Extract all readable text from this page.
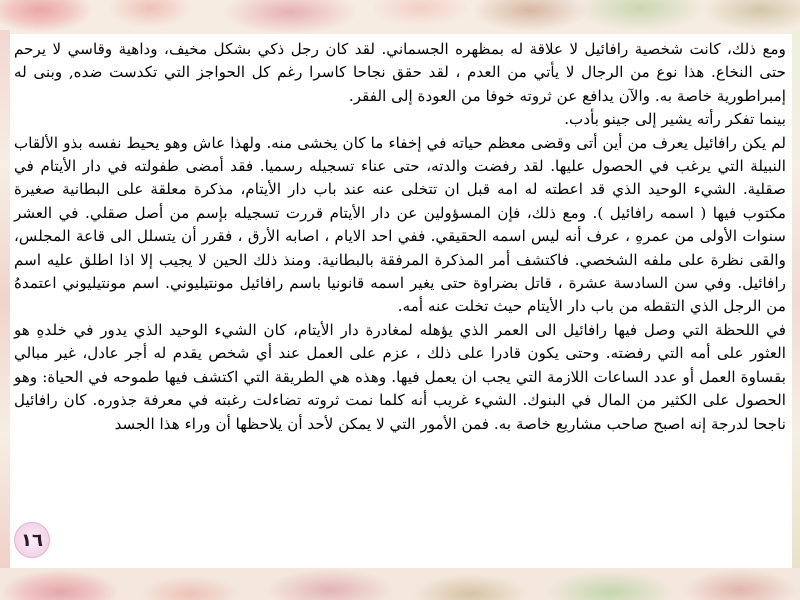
ومع ذلك، كانت شخصية رافائيل لا علاقة له بمظهره الجسماني. لقد كان رجل ذكي بشكل مخيف، وداهية وقاسي لا يرحم حتى النخاع. هذا نوع من الرجال لا يأتي من العدم ، لقد حقق نجاحا كاسرا رغم كل الحواجز التي تكدست ضده, وبنى له إمبراطورية خاصة به. والآن يدافع عن ثروته خوفا من العودة إلى الفقر.

بينما تفكر رأته يشير إلى جينو بأدب.

لم يكن رافائيل يعرف من أين أتى وقضى معظم حياته في إخفاء ما كان يخشى منه. ولهذا عاش وهو يحيط نفسه بذو الألقاب النبيلة التي يرغب في الحصول عليها. لقد رفضت والدته، حتى عناء تسجيله رسميا. فقد أمضى طفولته في دار الأيتام في صقلية. الشيء الوحيد الذي قد اعطته له امه قبل ان تتخلى عنه عند باب دار الأيتام، مذكرة معلقة على البطانية صغيرة مكتوب فيها ( اسمه رافائيل ). ومع ذلك، فإن المسؤولين عن دار الأيتام قررت تسجيله بإسم من أصل صقلي. في العشر سنوات الأولى من عمرهِ ، عرف أنه ليس اسمه الحقيقي. ففي احد الايام ، اصابه الأرق ، فقرر أن يتسلل الى قاعة المجلس، والقى نظرة على ملفه الشخصي. فاكتشف أمر المذكرة المرفقة بالبطانية. ومنذ ذلك الحين لا يجيب إلا اذا اطلق عليه اسم رافائيل. وفي سن السادسة عشرة ، قاتل بضراوة حتى يغير اسمه قانونيا باسم رافائيل مونتيليوني. اسم مونتيليوني اعتمدهُ من الرجل الذي التقطه من باب دار الأيتام حيث تخلت عنه أمه.

في اللحظة التي وصل فيها رافائيل الى العمر الذي يؤهله لمغادرة دار الأيتام، كان الشيء الوحيد الذي يدور في خلدهِ هو العثور على أمه التي رفضته. وحتى يكون قادرا على ذلك ، عزم على العمل عند أي شخص يقدم له أجر عادل، غير مبالي بقساوة العمل أو عدد الساعات اللازمة التي يجب ان يعمل فيها. وهذه هي الطريقة التي اكتشف فيها طموحه في الحياة: وهو الحصول على الكثير من المال في البنوك. الشيء غريب أنه كلما نمت ثروته تضاءلت رغبته في معرفة جذوره. كان رافائيل ناجحا لدرجة إنه اصبح صاحب مشاريع خاصة به. فمن الأمور التي لا يمكن لأحد أن يلاحظها أن وراء هذا الجسد

١٦
